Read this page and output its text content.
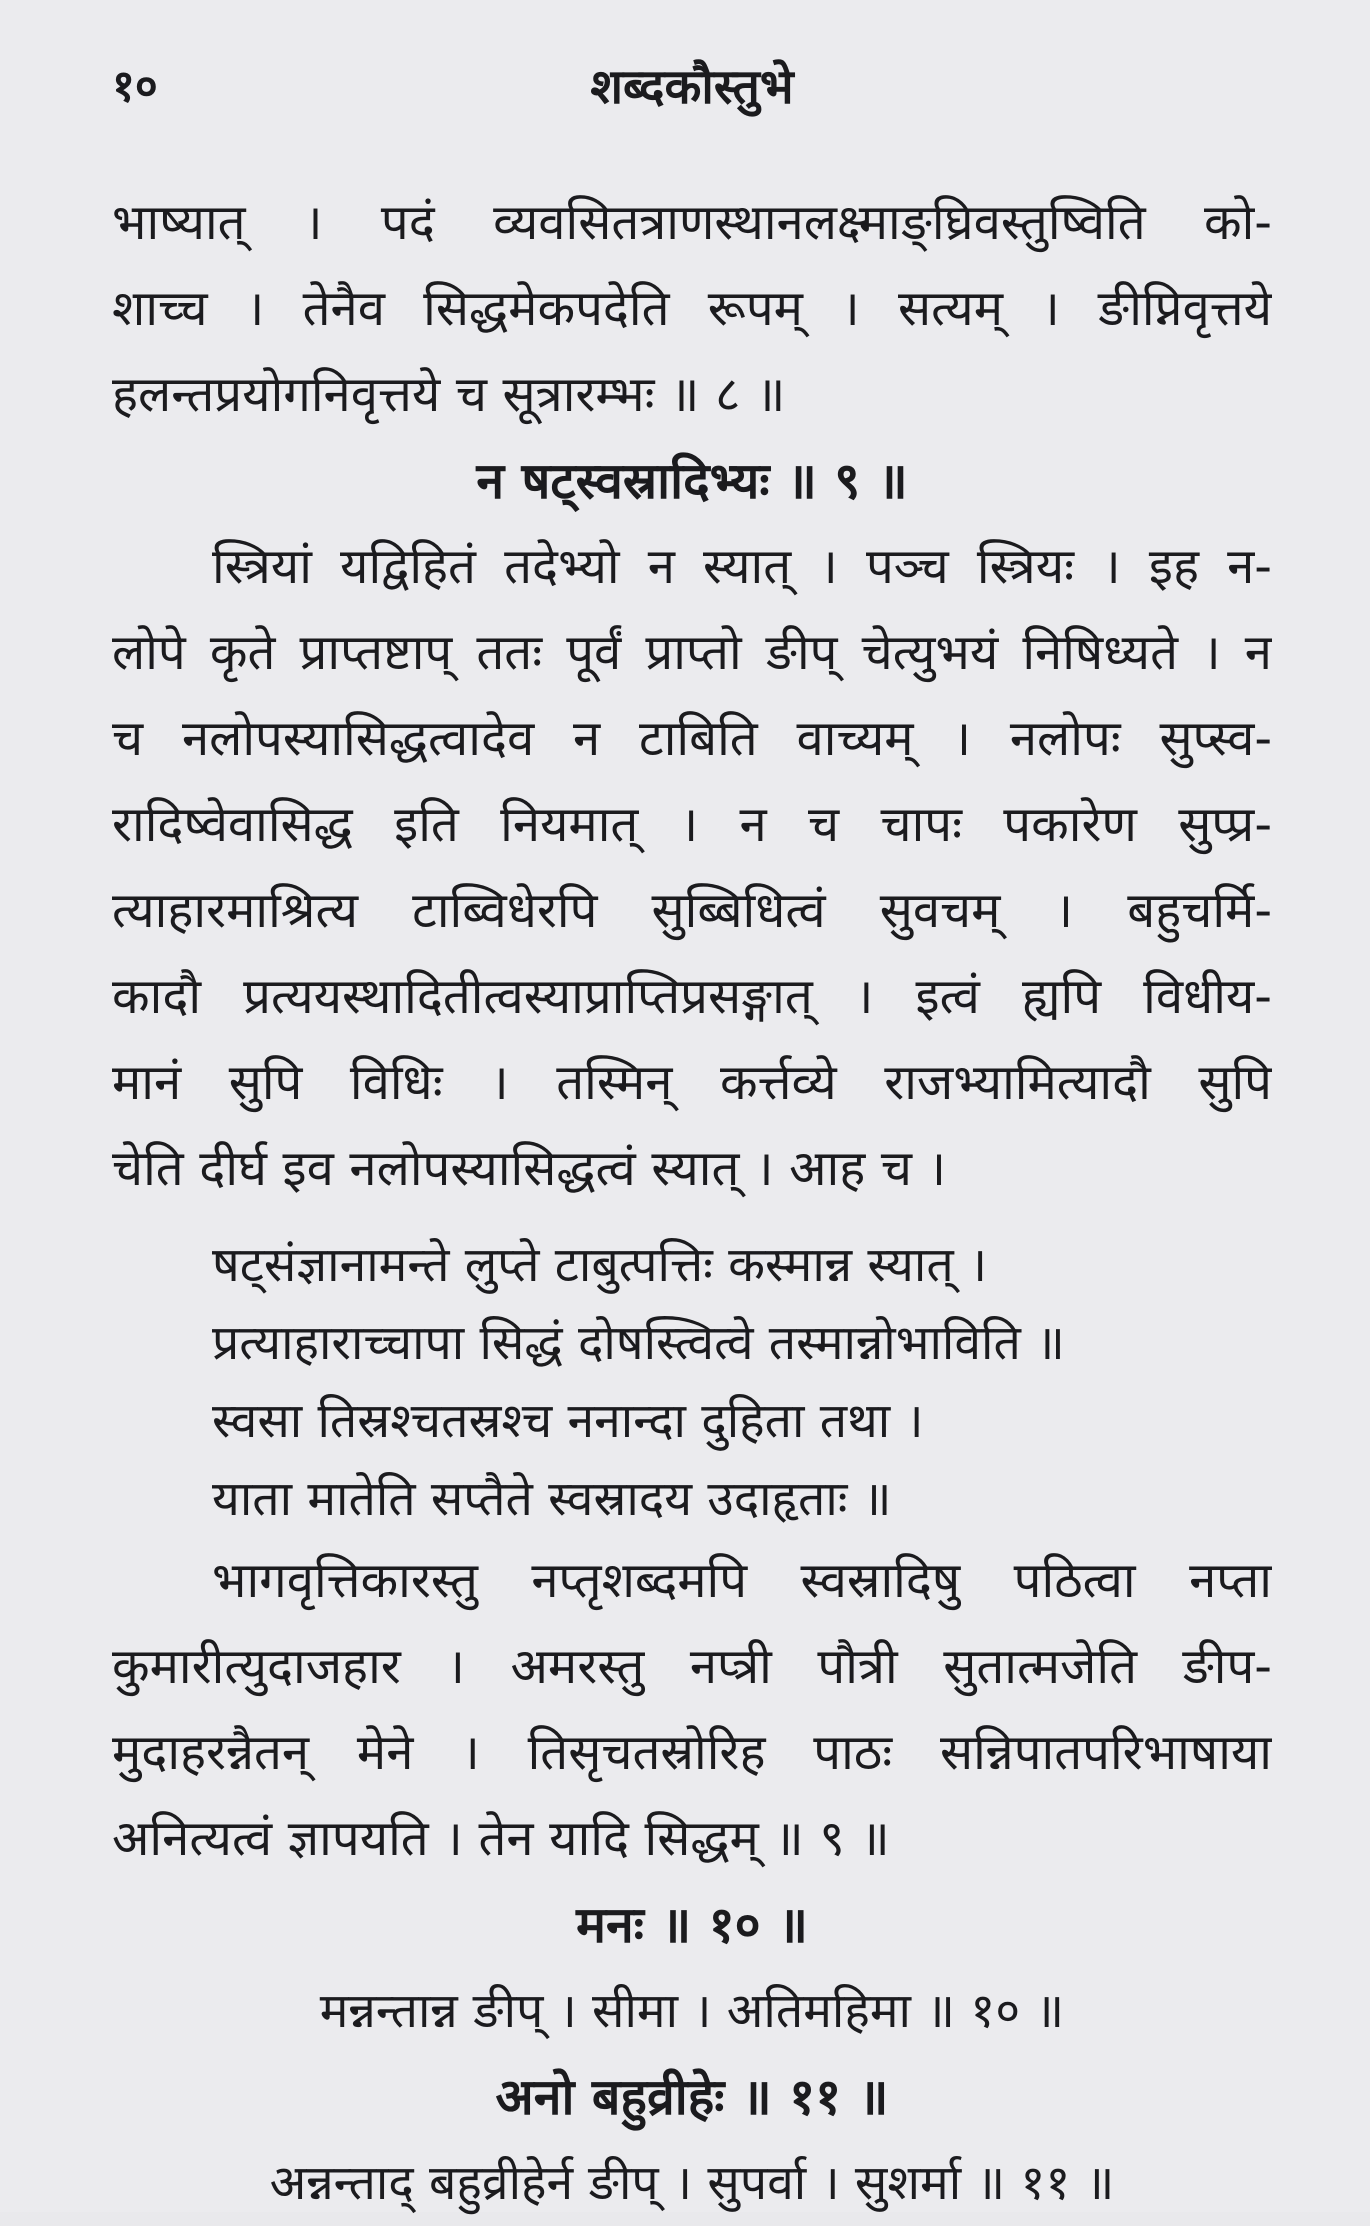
१०	शब्दकौस्तुभे
भाष्यात् । पदं व्यवसितत्राणस्थानलक्ष्माङ्घ्रिवस्तुष्विति को-
शाच्च । तेनैव सिद्धमेकपदेति रूपम् । सत्यम् । ङीप्निवृत्तये
हलन्तप्रयोगनिवृत्तये च सूत्रारम्भः ॥ ८ ॥
न षट्स्वस्रादिभ्यः ॥ ९ ॥
स्त्रियां यद्विहितं तदेभ्यो न स्यात् । पञ्च स्त्रियः । इह न-
लोपे कृते प्राप्तष्टाप् ततः पूर्वं प्राप्तो ङीप् चेत्युभयं निषिध्यते । न
च नलोपस्यासिद्धत्वादेव न टाबिति वाच्यम् । नलोपः सुप्स्व-
रादिष्वेवासिद्ध इति नियमात् । न च चापः पकारेण सुप्प्र-
त्याहारमाश्रित्य टाब्विधेरपि सुब्बिधित्वं सुवचम् । बहुचर्मि-
कादौ प्रत्ययस्थादितीत्वस्याप्राप्तिप्रसङ्गात् । इत्वं ह्यपि विधीय-
मानं सुपि विधिः । तस्मिन् कर्त्तव्ये राजभ्यामित्यादौ सुपि
चेति दीर्घ इव नलोपस्यासिद्धत्वं स्यात् । आह च ।
षट्संज्ञानामन्ते लुप्ते टाबुत्पत्तिः कस्मान्न स्यात् ।
प्रत्याहाराच्चापा सिद्धं दोषस्त्वित्वे तस्मान्नोभाविति ॥
स्वसा तिस्रश्चतस्रश्च ननान्दा दुहिता तथा ।
याता मातेति सप्तैते स्वस्रादय उदाहृताः ॥
भागवृत्तिकारस्तु नप्तृशब्दमपि स्वस्रादिषु पठित्वा नप्ता
कुमारीत्युदाजहार । अमरस्तु नप्त्री पौत्री सुतात्मजेति ङीप-
मुदाहरन्नैतन् मेने । तिसृचतस्रोरिह पाठः सन्निपातपरिभाषाया
अनित्यत्वं ज्ञापयति । तेन यादि सिद्धम् ॥ ९ ॥
मनः ॥ १० ॥
मन्नन्तान्न ङीप् । सीमा । अतिमहिमा ॥ १० ॥
अनो बहुव्रीहेः ॥ ११ ॥
अन्नन्ताद् बहुव्रीहेर्न ङीप् । सुपर्वा । सुशर्मा ॥ ११ ॥
